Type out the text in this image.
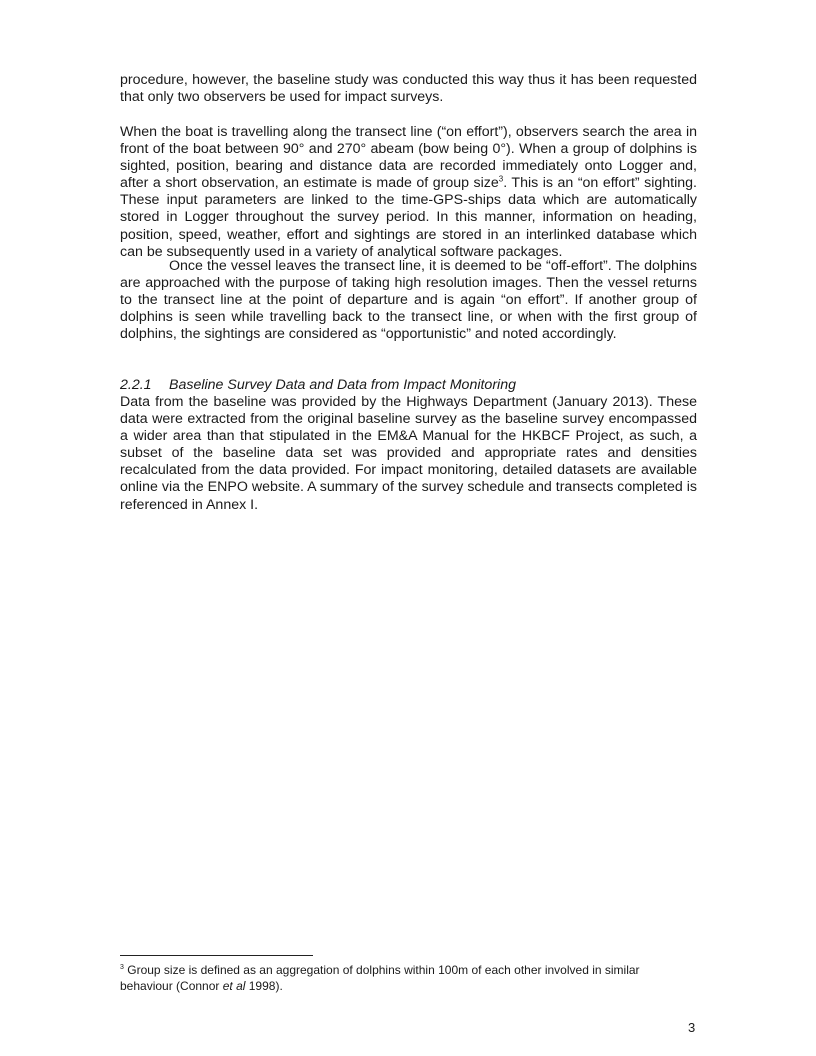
procedure, however, the baseline study was conducted this way thus it has been requested that only two observers be used for impact surveys.

When the boat is travelling along the transect line (“on effort”), observers search the area in front of the boat between 90° and 270° abeam (bow being 0°). When a group of dolphins is sighted, position, bearing and distance data are recorded immediately onto Logger and, after a short observation, an estimate is made of group size$^3$. This is an “on effort” sighting. These input parameters are linked to the time-GPS-ships data which are automatically stored in Logger throughout the survey period. In this manner, information on heading, position, speed, weather, effort and sightings are stored in an interlinked database which can be subsequently used in a variety of analytical software packages.

Once the vessel leaves the transect line, it is deemed to be “off-effort”. The dolphins are approached with the purpose of taking high resolution images. Then the vessel returns to the transect line at the point of departure and is again “on effort”. If another group of dolphins is seen while travelling back to the transect line, or when with the first group of dolphins, the sightings are considered as “opportunistic” and noted accordingly.

2.2.1 Baseline Survey Data and Data from Impact Monitoring

Data from the baseline was provided by the Highways Department (January 2013). These data were extracted from the original baseline survey as the baseline survey encompassed a wider area than that stipulated in the EM&A Manual for the HKBCF Project, as such, a subset of the baseline data set was provided and appropriate rates and densities recalculated from the data provided. For impact monitoring, detailed datasets are available online via the ENPO website. A summary of the survey schedule and transects completed is referenced in Annex I.

$^3$ Group size is defined as an aggregation of dolphins within 100m of each other involved in similar behaviour (Connor et al 1998).

3
